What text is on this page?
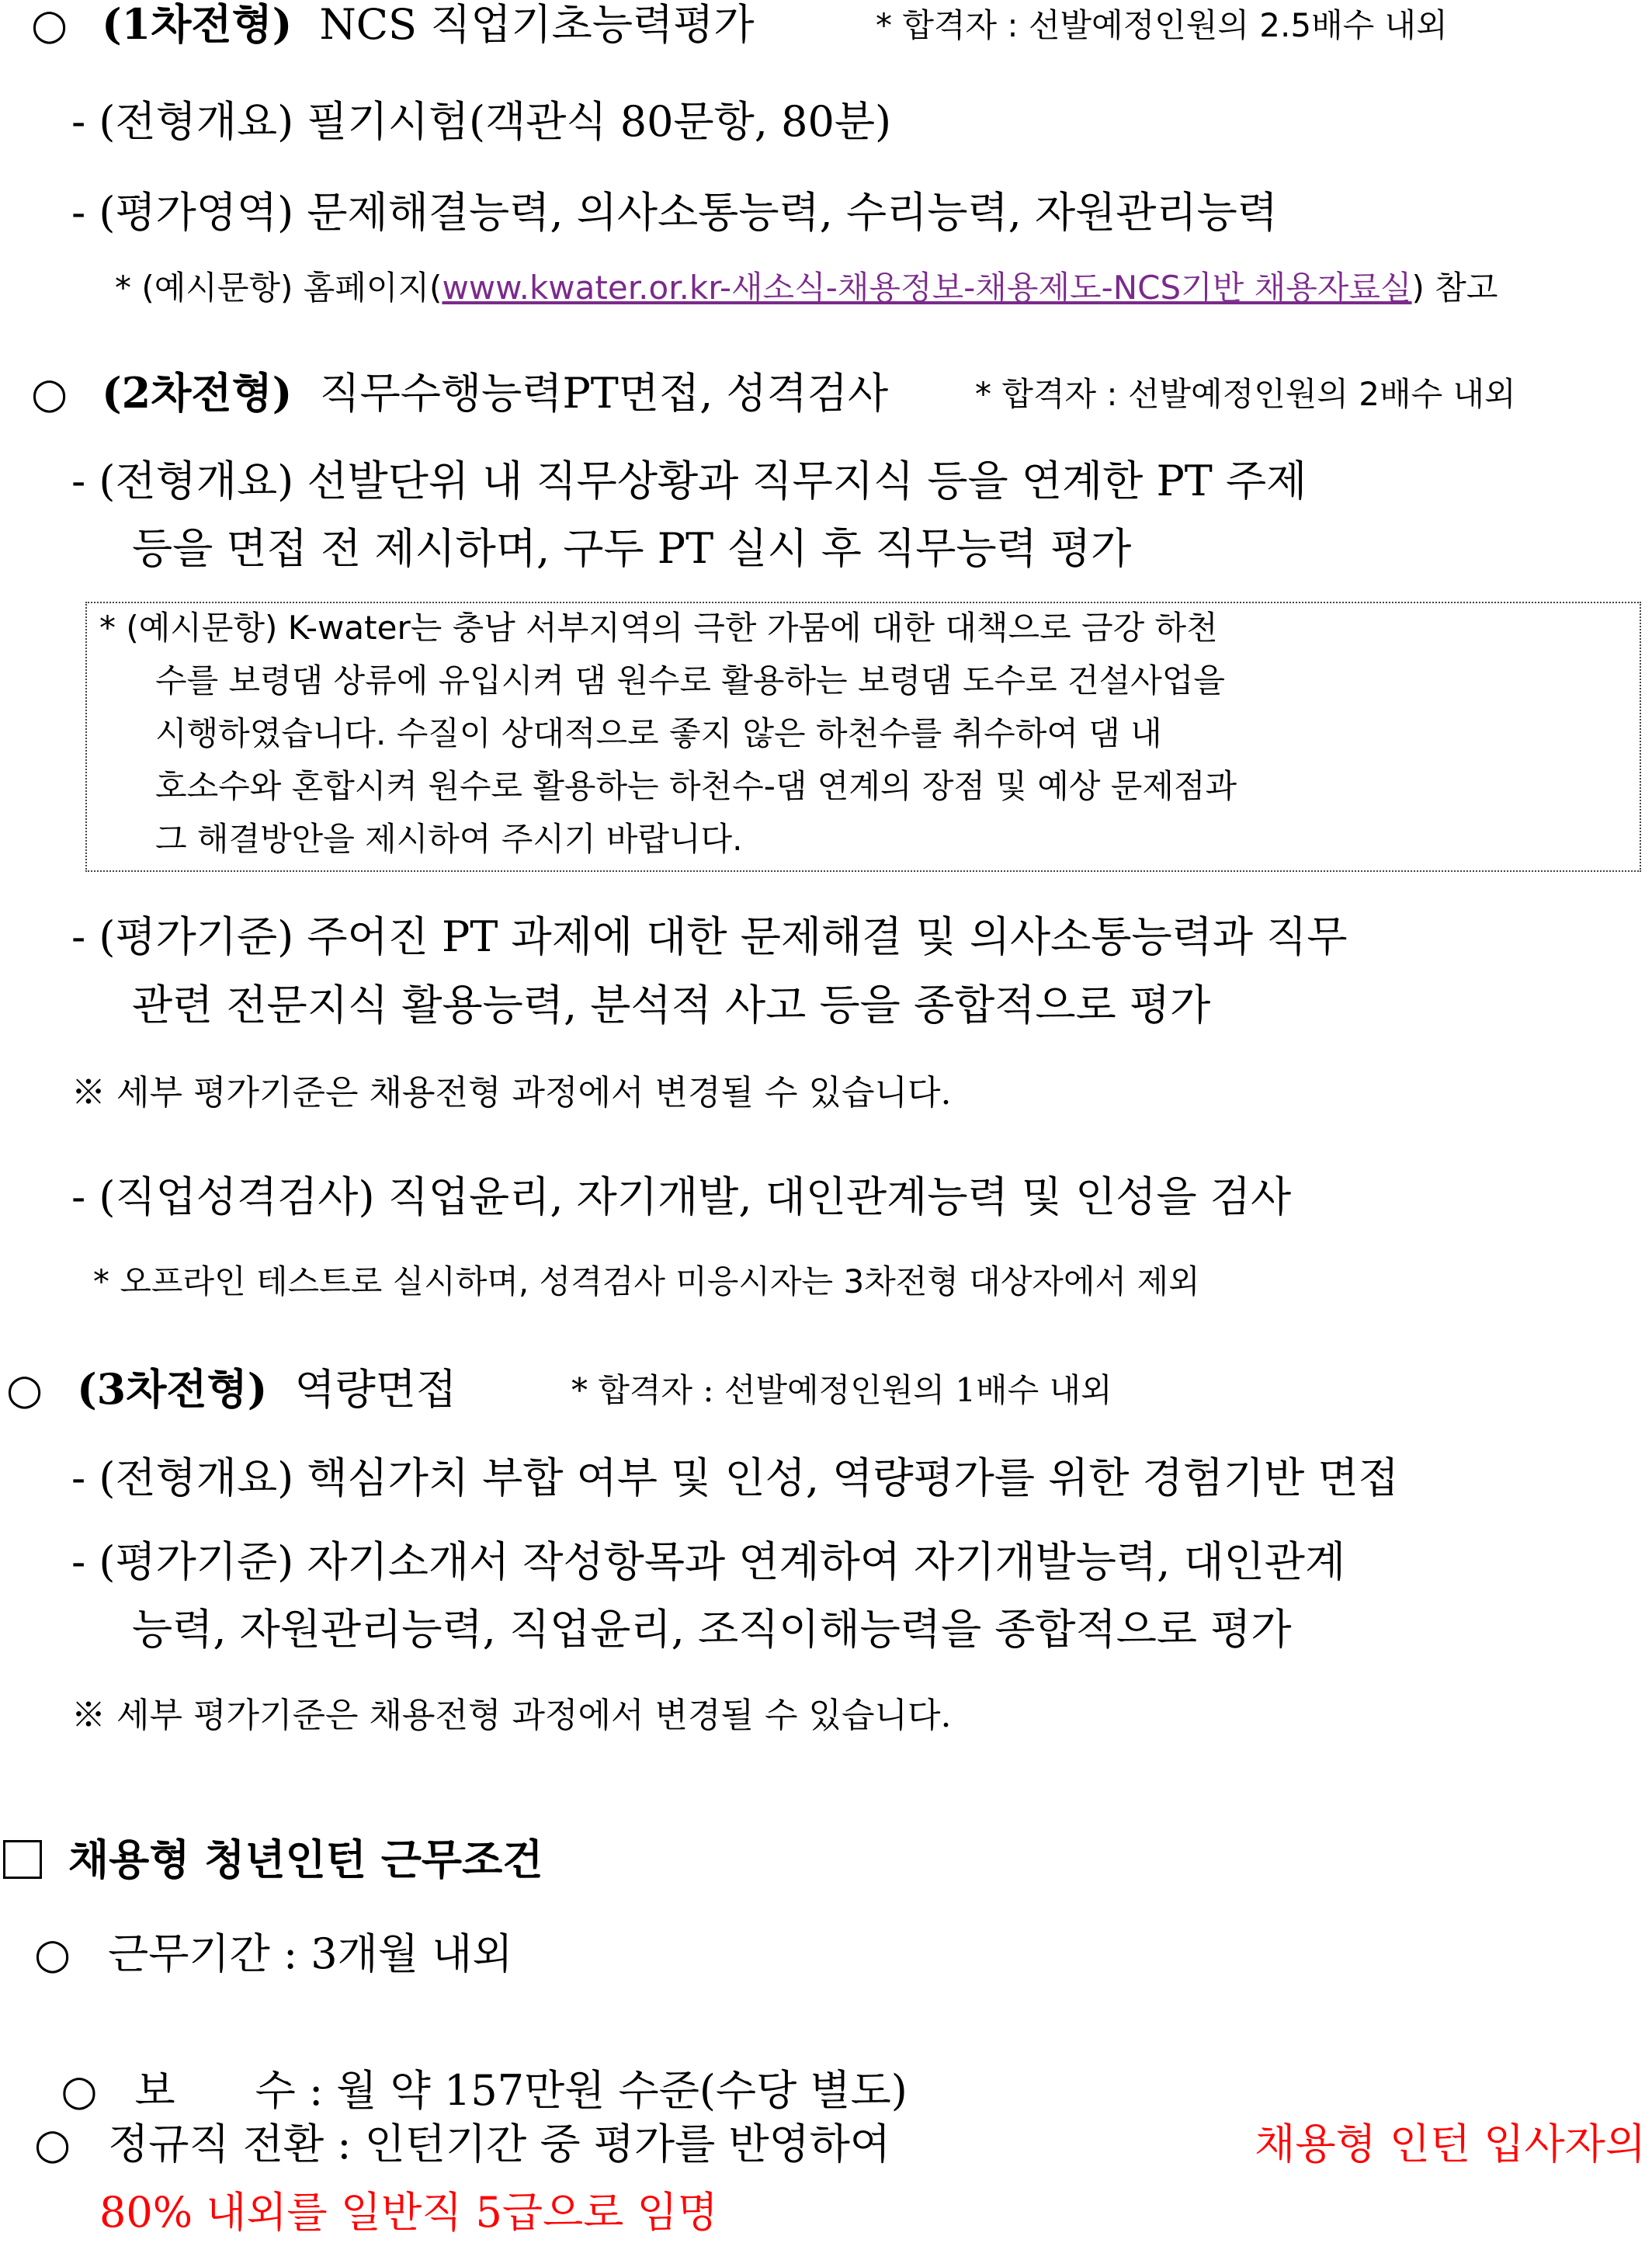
○ (1차전형) NCS 직업기초능력평가	* 합격자 : 선발예정인원의 2.5배수 내외
- (전형개요) 필기시험(객관식 80문항, 80분)
- (평가영역) 문제해결능력, 의사소통능력, 수리능력, 자원관리능력
* (예시문항) 홈페이지(www.kwater.or.kr-새소식-채용정보-채용제도-NCS기반 채용자료실) 참고
○ (2차전형) 직무수행능력PT면접, 성격검사	* 합격자 : 선발예정인원의 2배수 내외
- (전형개요) 선발단위 내 직무상황과 직무지식 등을 연계한 PT 주제
등을 면접 전 제시하며, 구두 PT 실시 후 직무능력 평가
* (예시문항) K-water는 충남 서부지역의 극한 가뭄에 대한 대책으로 금강 하천
수를 보령댐 상류에 유입시켜 댐 원수로 활용하는 보령댐 도수로 건설사업을
시행하였습니다. 수질이 상대적으로 좋지 않은 하천수를 취수하여 댐 내
호소수와 혼합시켜 원수로 활용하는 하천수-댐 연계의 장점 및 예상 문제점과
그 해결방안을 제시하여 주시기 바랍니다.
- (평가기준) 주어진 PT 과제에 대한 문제해결 및 의사소통능력과 직무
관련 전문지식 활용능력, 분석적 사고 등을 종합적으로 평가
※ 세부 평가기준은 채용전형 과정에서 변경될 수 있습니다.
- (직업성격검사) 직업윤리, 자기개발, 대인관계능력 및 인성을 검사
* 오프라인 테스트로 실시하며, 성격검사 미응시자는 3차전형 대상자에서 제외
○ (3차전형) 역량면접	* 합격자 : 선발예정인원의 1배수 내외
- (전형개요) 핵심가치 부합 여부 및 인성, 역량평가를 위한 경험기반 면접
- (평가기준) 자기소개서 작성항목과 연계하여 자기개발능력, 대인관계
능력, 자원관리능력, 직업윤리, 조직이해능력을 종합적으로 평가
※ 세부 평가기준은 채용전형 과정에서 변경될 수 있습니다.
채용형 청년인턴 근무조건
○ 근무기간 : 3개월 내외

○ 보      수 : 월 약 157만원 수준(수당 별도)

○ 정규직 전환 : 인턴기간 중 평가를 반영하여	채용형 인턴 입사자의
80% 내외를 일반직 5급으로 임명
